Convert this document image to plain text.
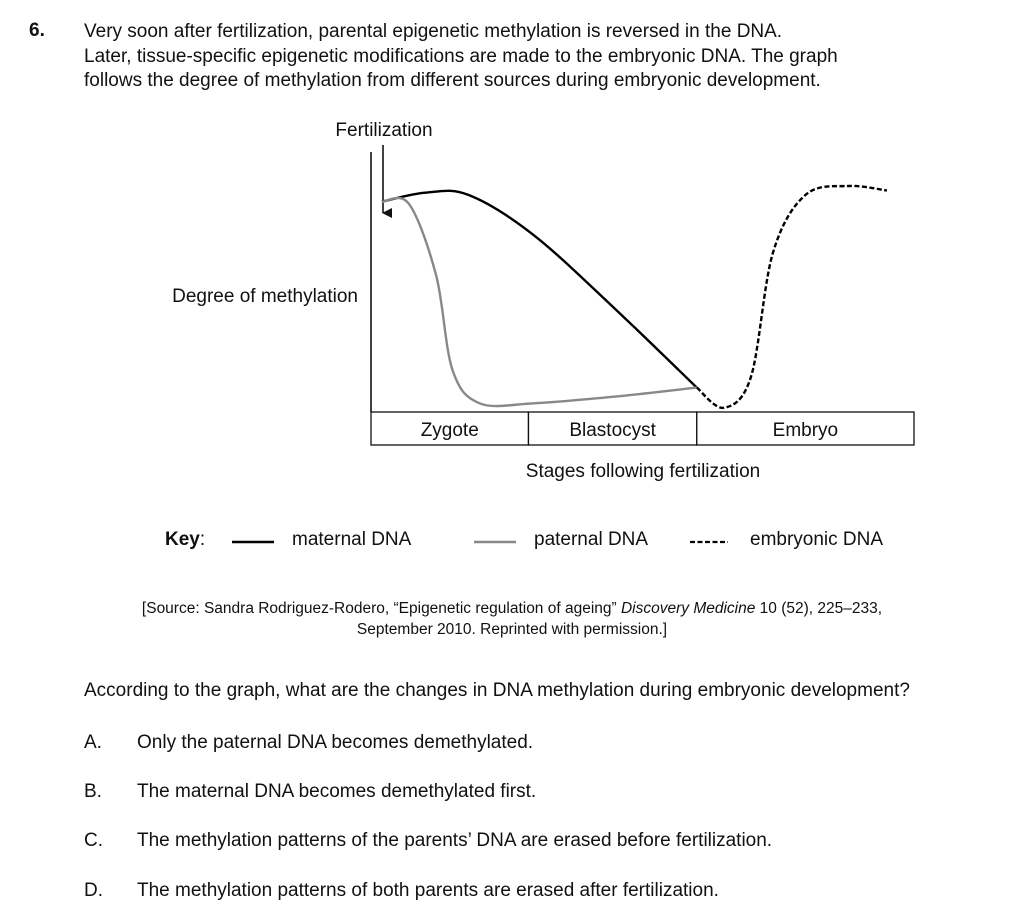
6. Very soon after fertilization, parental epigenetic methylation is reversed in the DNA.
Later, tissue-specific epigenetic modifications are made to the embryonic DNA. The graph
follows the degree of methylation from different sources during embryonic development.
Fertilization
Degree of methylation
Zygote	Blastocyst	Embryo
Stages following fertilization
Key:	maternal DNA	paternal DNA	embryonic DNA
[Source: Sandra Rodriguez-Rodero, “Epigenetic regulation of ageing” Discovery Medicine 10 (52), 225–233,
September 2010. Reprinted with permission.]
According to the graph, what are the changes in DNA methylation during embryonic development?
A. Only the paternal DNA becomes demethylated.
B. The maternal DNA becomes demethylated first.
C. The methylation patterns of the parents’ DNA are erased before fertilization.
D. The methylation patterns of both parents are erased after fertilization.
